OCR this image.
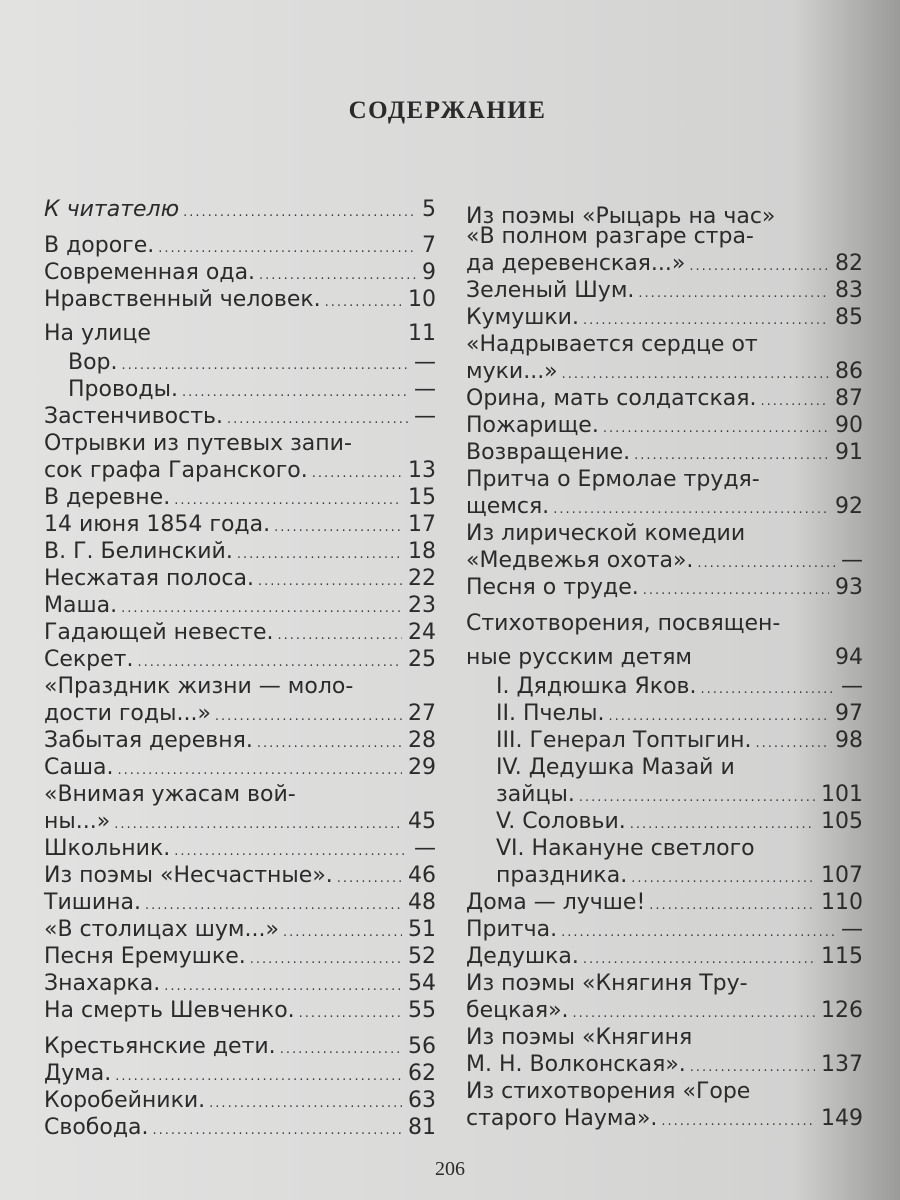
СОДЕРЖАНИЕ
К читателю .....	5
В дороге. .....	7
Современная ода. .....	9
Нравственный человек. .....	10
На улице	11
Вор. .....	—
Проводы. .....	—
Застенчивость. .....	—
Отрывки из путевых запи-
сок графа Гаранского. .....	13
В деревне. .....	15
14 июня 1854 года. .....	17
В. Г. Белинский. .....	18
Несжатая полоса. .....	22
Маша. .....	23
Гадающей невесте. .....	24
Секрет. .....	25
«Праздник жизни — моло-
дости годы...» .....	27
Забытая деревня. .....	28
Саша. .....	29
«Внимая ужасам вой-
ны...» .....	45
Школьник. .....	—
Из поэмы «Несчастные». .....	46
Тишина. .....	48
«В столицах шум...» .....	51
Песня Еремушке. .....	52
Знахарка. .....	54
На смерть Шевченко. .....	55
Крестьянские дети. .....	56
Дума. .....	62
Коробейники. .....	63
Свобода. .....	81
Из поэмы «Рыцарь на час»
«В полном разгаре стра-
да деревенская...» .....	82
Зеленый Шум. .....	83
Кумушки. .....	85
«Надрывается сердце от
муки...» .....	86
Орина, мать солдатская. .....	87
Пожарище. .....	90
Возвращение. .....	91
Притча о Ермолае трудя-
щемся. .....	92
Из лирической комедии
«Медвежья охота». .....	—
Песня о труде. .....	93
Стихотворения, посвящен-
ные русским детям	94
I. Дядюшка Яков. .....	—
II. Пчелы. .....	97
III. Генерал Топтыгин. .....	98
IV. Дедушка Мазай и
зайцы. .....	101
V. Соловьи. .....	105
VI. Накануне светлого
праздника. .....	107
Дома — лучше! .....	110
Притча. .....	—
Дедушка. .....	115
Из поэмы «Княгиня Тру-
бецкая». .....	126
Из поэмы «Княгиня
М. Н. Волконская». .....	137
Из стихотворения «Горе
старого Наума». .....	149
206
